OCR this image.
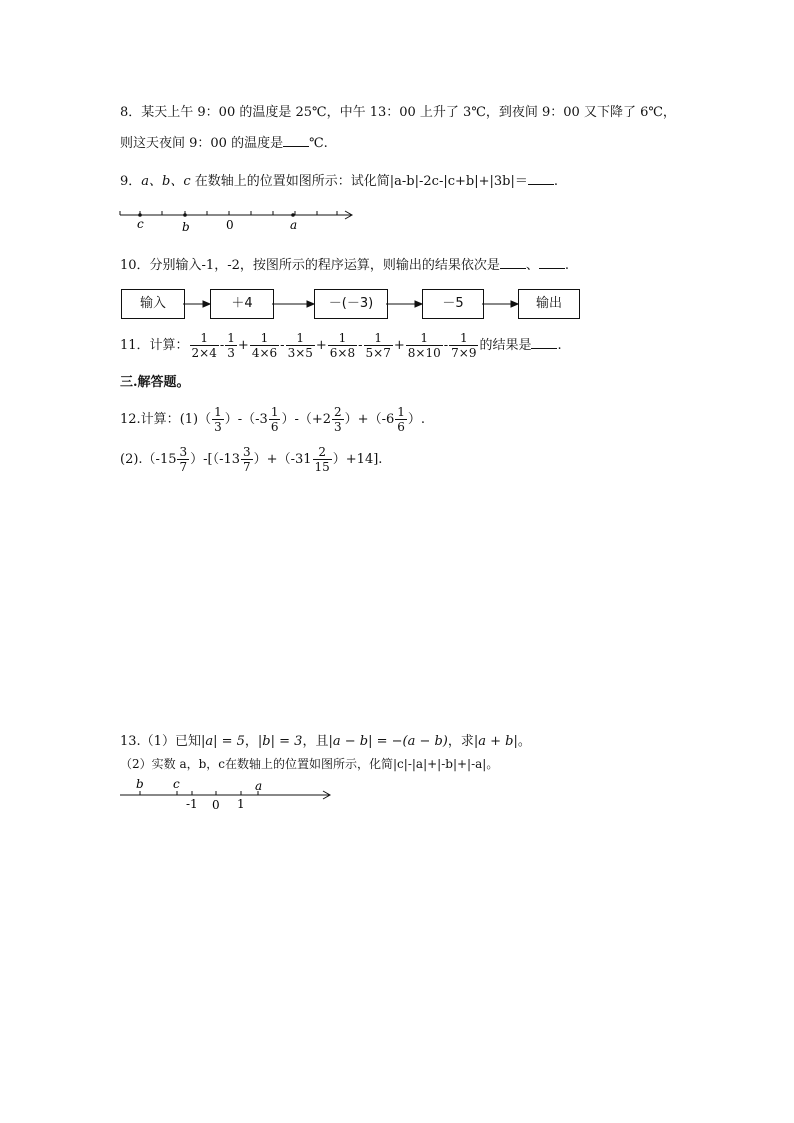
8．某天上午 9：00 的温度是 25℃，中午 13：00 上升了 3℃，到夜间 9：00 又下降了 6℃，
则这天夜间 9：00 的温度是 ℃.
9．a、b、c 在数轴上的位置如图所示：试化简|a-b|-2c-|c+b|+|3b|＝ .
c	b	0	a
10．分别输入-1，-2，按图所示的程序运算，则输出的结果依次是 、 .
输入	＋4	－(－3)	－5	输出
11．计算： $\frac{1}{2\times 4} - \frac{1}{3} + \frac{1}{4\times 6} - \frac{1}{3\times 5} + \frac{1}{6\times 8} - \frac{1}{5\times 7} + \frac{1}{8\times 10} - \frac{1}{7\times 9}$ 的结果是 .
三.解答题。
12.计算：$(1)( \frac{1}{3} )-(-3 \frac{1}{6} )-(+2 \frac{2}{3} )+(-6 \frac{1}{6}$ ）.
$(2).(-15 \frac{3}{7} )-[(-13 \frac{3}{7} )+(-31 \frac{2}{15} )+14]$.
13.（1）已知|a| = 5，|b| = 3，且|a − b| = −(a − b)，求|a + b|。
（2）实数 a，b，c在数轴上的位置如图所示，化简|c|-|a|+|-b|+|-a|。
b c	a
-1 0 1
